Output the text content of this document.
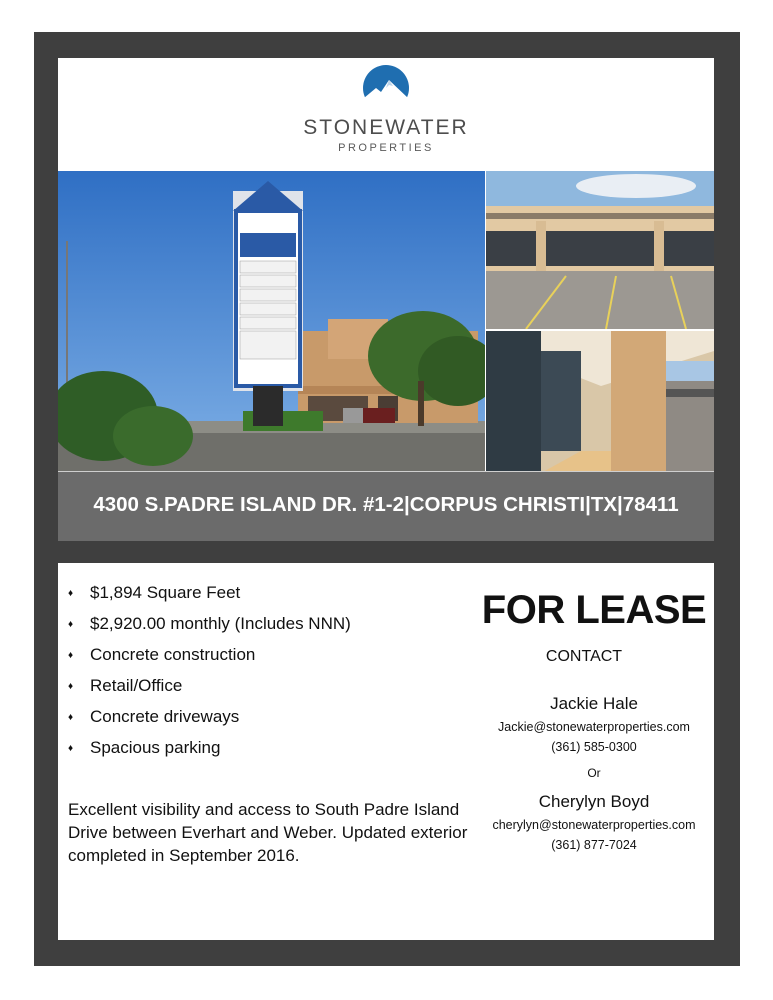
STONEWATER
PROPERTIES
4300 S.PADRE ISLAND DR. #1-2|CORPUS CHRISTI|TX|78411
♦ $1,894 Square Feet
♦ $2,920.00 monthly (Includes NNN)
♦ Concrete construction
♦ Retail/Office
♦ Concrete driveways
♦ Spacious parking
Excellent visibility and access to South Padre Island Drive between Everhart and Weber. Updated exterior completed in September 2016.
FOR LEASE
CONTACT
Jackie Hale
Jackie@stonewaterproperties.com
(361) 585-0300
Or
Cherylyn Boyd
cherylyn@stonewaterproperties.com
(361) 877-7024
